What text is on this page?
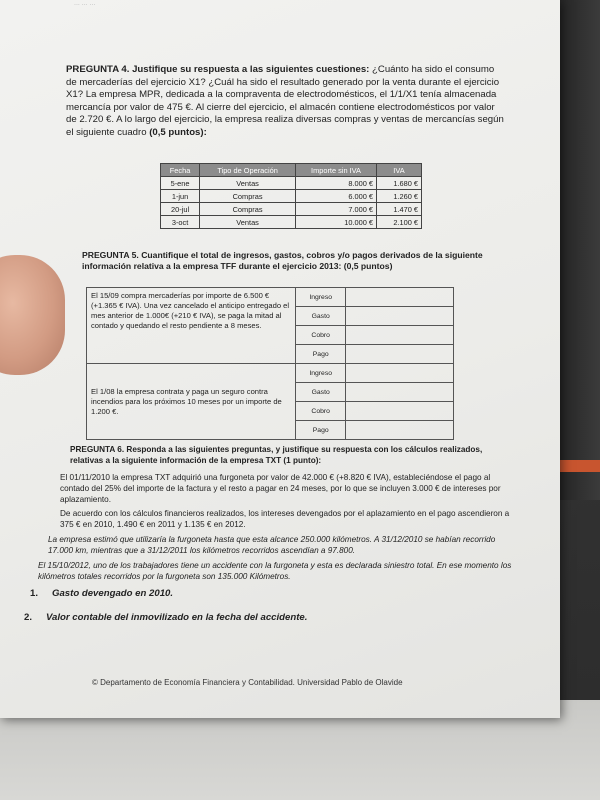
... ... ...
PREGUNTA 4. Justifique su respuesta a las siguientes cuestiones: ¿Cuánto ha sido el consumo de mercaderías del ejercicio X1? ¿Cuál ha sido el resultado generado por la venta durante el ejercicio X1? La empresa MPR, dedicada a la compraventa de electrodomésticos, el 1/1/X1 tenía almacenada mercancía por valor de 475 €. Al cierre del ejercicio, el almacén contiene electrodomésticos por valor de 2.720 €. A lo largo del ejercicio, la empresa realiza diversas compras y ventas de mercancías según el siguiente cuadro (0,5 puntos):
Fecha	Tipo de Operación	Importe sin IVA	IVA
5-ene	Ventas	8.000 €	1.680 €
1-jun	Compras	6.000 €	1.260 €
20-jul	Compras	7.000 €	1.470 €
3-oct	Ventas	10.000 €	2.100 €
PREGUNTA 5. Cuantifique el total de ingresos, gastos, cobros y/o pagos derivados de la siguiente información relativa a la empresa TFF durante el ejercicio 2013: (0,5 puntos)
El 15/09 compra mercaderías por importe de 6.500 € (+1.365 € IVA). Una vez cancelado el anticipo entregado el mes anterior de 1.000€ (+210 € IVA), se paga la mitad al contado y quedando el resto pendiente a 8 meses.	Ingreso	
	Gasto	
	Cobro	
	Pago	
El 1/08 la empresa contrata y paga un seguro contra incendios para los próximos 10 meses por un importe de 1.200 €.	Ingreso	
	Gasto	
	Cobro	
	Pago	
PREGUNTA 6. Responda a las siguientes preguntas, y justifique su respuesta con los cálculos realizados, relativas a la siguiente información de la empresa TXT (1 punto):
El 01/11/2010 la empresa TXT adquirió una furgoneta por valor de 42.000 € (+8.820 € IVA), estableciéndose el pago al contado del 25% del importe de la factura y el resto a pagar en 24 meses, por lo que se incluyen 3.000 € de intereses por aplazamiento.
De acuerdo con los cálculos financieros realizados, los intereses devengados por el aplazamiento en el pago ascendieron a 375 € en 2010, 1.490 € en 2011 y 1.135 € en 2012.
La empresa estimó que utilizaría la furgoneta hasta que esta alcance 250.000 kilómetros. A 31/12/2010 se habían recorrido 17.000 km, mientras que a 31/12/2011 los kilómetros recorridos ascendían a 97.800.
El 15/10/2012, uno de los trabajadores tiene un accidente con la furgoneta y esta es declarada siniestro total. En ese momento los kilómetros totales recorridos por la furgoneta son 135.000 Kilómetros.
1. Gasto devengado en 2010.
2. Valor contable del inmovilizado en la fecha del accidente.
© Departamento de Economía Financiera y Contabilidad. Universidad Pablo de Olavide
